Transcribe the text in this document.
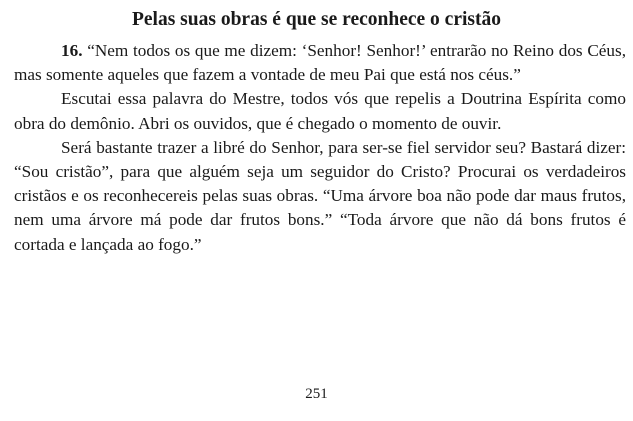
Pelas suas obras é que se reconhece o cristão

16. “Nem todos os que me dizem: ‘Senhor! Senhor!’ entrarão no Reino dos Céus, mas somente aqueles que fazem a vontade de meu Pai que está nos céus.”

Escutai essa palavra do Mestre, todos vós que repelis a Doutrina Espírita como obra do demônio. Abri os ouvidos, que é chegado o momento de ouvir.

Será bastante trazer a libré do Senhor, para ser-se fiel servidor seu? Bastará dizer: “Sou cristão”, para que alguém seja um seguidor do Cristo? Procurai os verdadeiros cristãos e os reconhecereis pelas suas obras. “Uma árvore boa não pode dar maus frutos, nem uma árvore má pode dar frutos bons.” “Toda árvore que não dá bons frutos é cortada e lançada ao fogo.”

251
